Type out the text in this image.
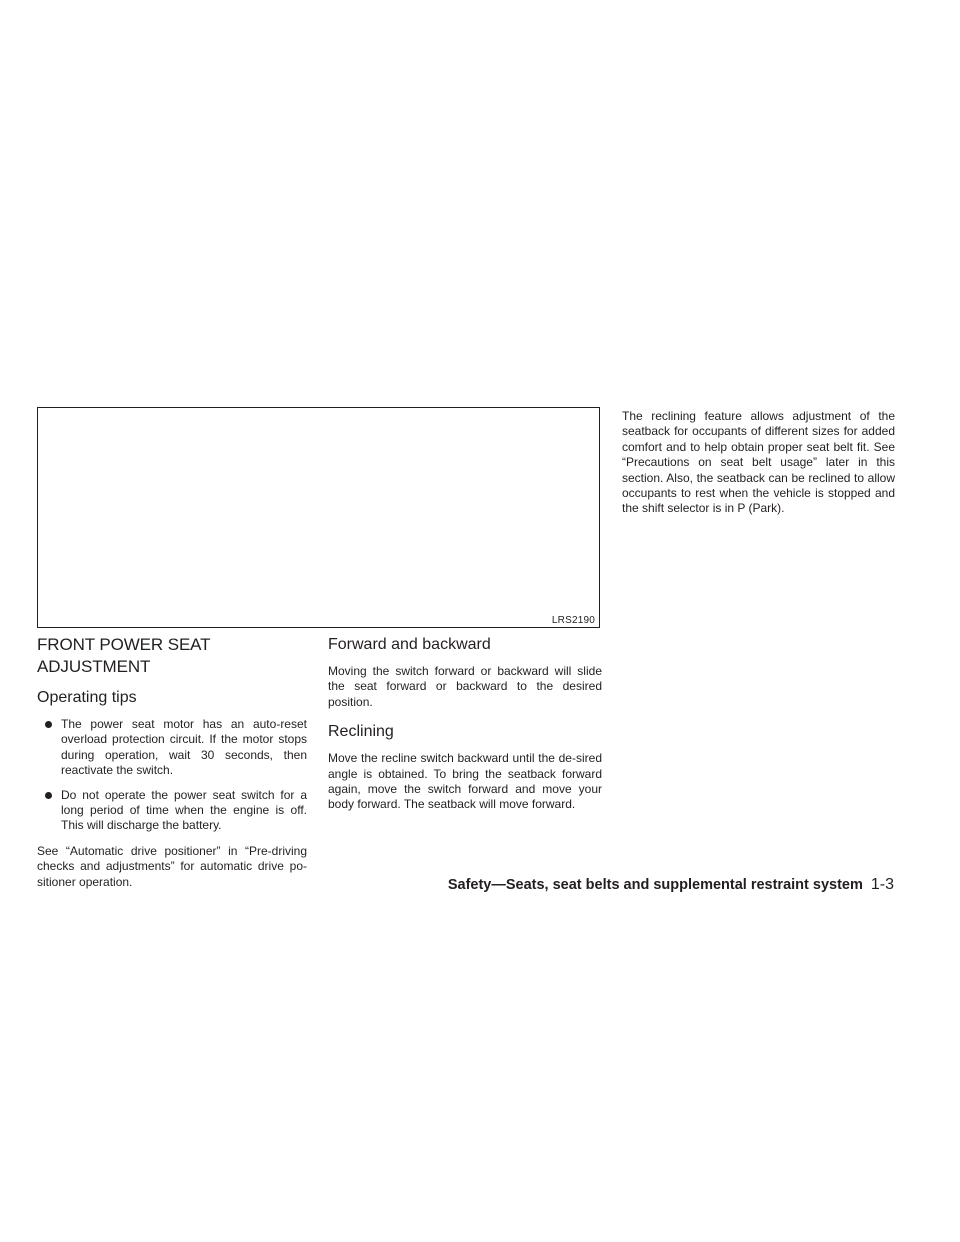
LRS2190
FRONT POWER SEAT ADJUSTMENT
Operating tips
The power seat motor has an auto-reset overload protection circuit. If the motor stops during operation, wait 30 seconds, then reactivate the switch.
Do not operate the power seat switch for a long period of time when the engine is off. This will discharge the battery.

See “Automatic drive positioner” in “Pre-driving checks and adjustments” for automatic drive po-sitioner operation.

Forward and backward

Moving the switch forward or backward will slide the seat forward or backward to the desired position.

Reclining

Move the recline switch backward until the de-sired angle is obtained. To bring the seatback forward again, move the switch forward and move your body forward. The seatback will move forward.

The reclining feature allows adjustment of the seatback for occupants of different sizes for added comfort and to help obtain proper seat belt fit. See “Precautions on seat belt usage” later in this section. Also, the seatback can be reclined to allow occupants to rest when the vehicle is stopped and the shift selector is in P (Park).

Safety—Seats, seat belts and supplemental restraint system 1-3
